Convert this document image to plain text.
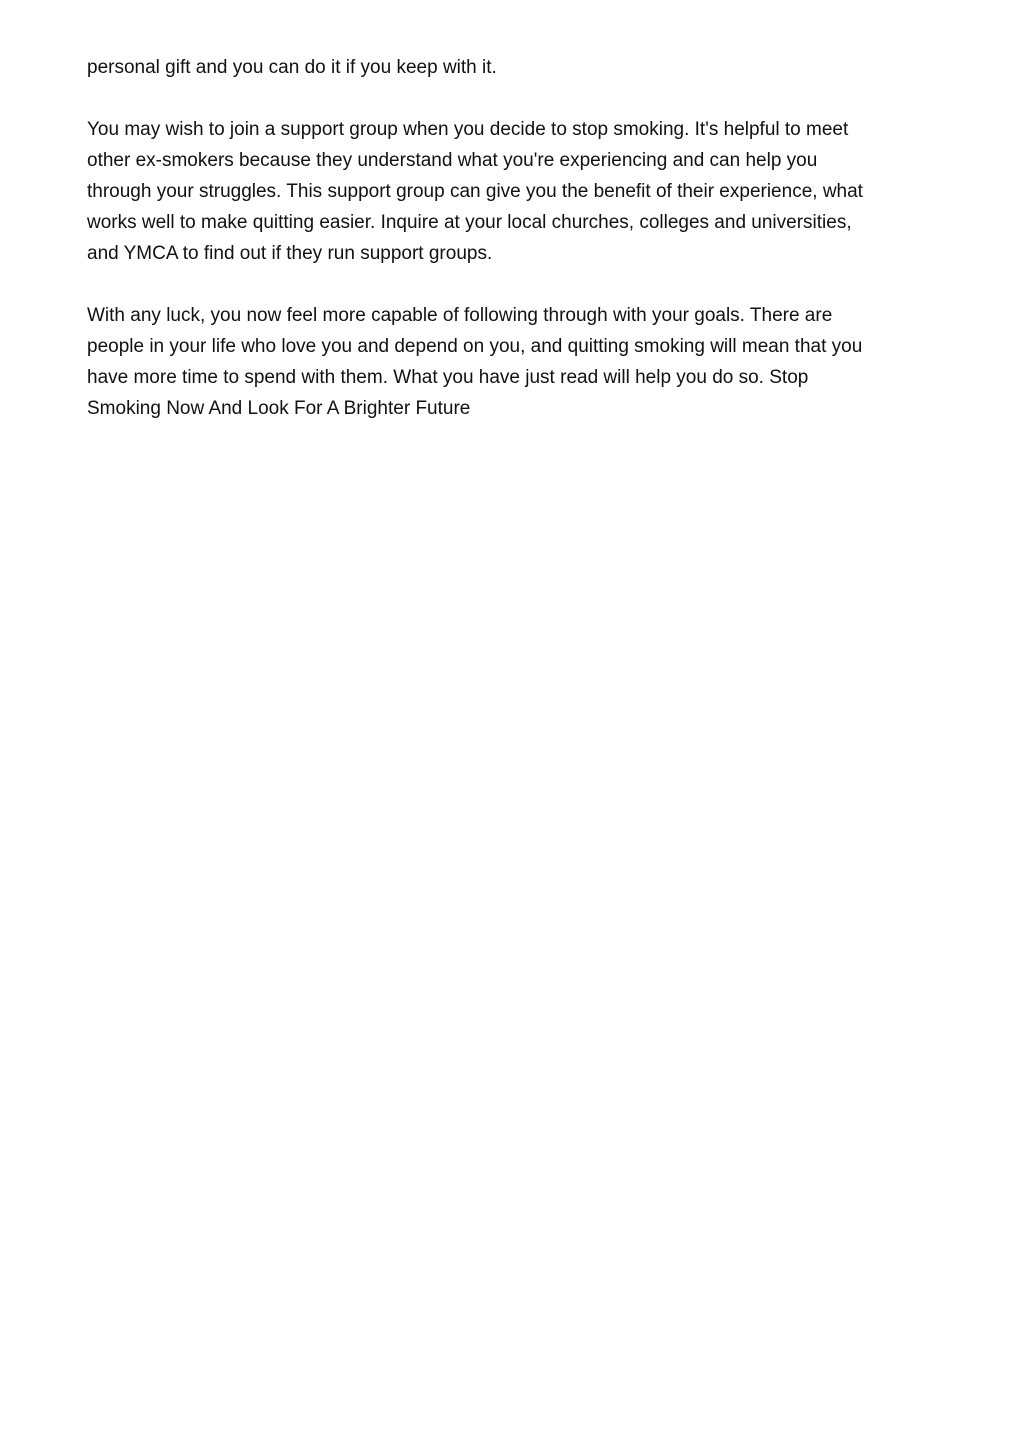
personal gift and you can do it if you keep with it.

You may wish to join a support group when you decide to stop smoking. It's helpful to meet
other ex-smokers because they understand what you're experiencing and can help you
through your struggles. This support group can give you the benefit of their experience, what
works well to make quitting easier. Inquire at your local churches, colleges and universities,
and YMCA to find out if they run support groups.

With any luck, you now feel more capable of following through with your goals. There are
people in your life who love you and depend on you, and quitting smoking will mean that you
have more time to spend with them. What you have just read will help you do so. Stop
Smoking Now And Look For A Brighter Future
